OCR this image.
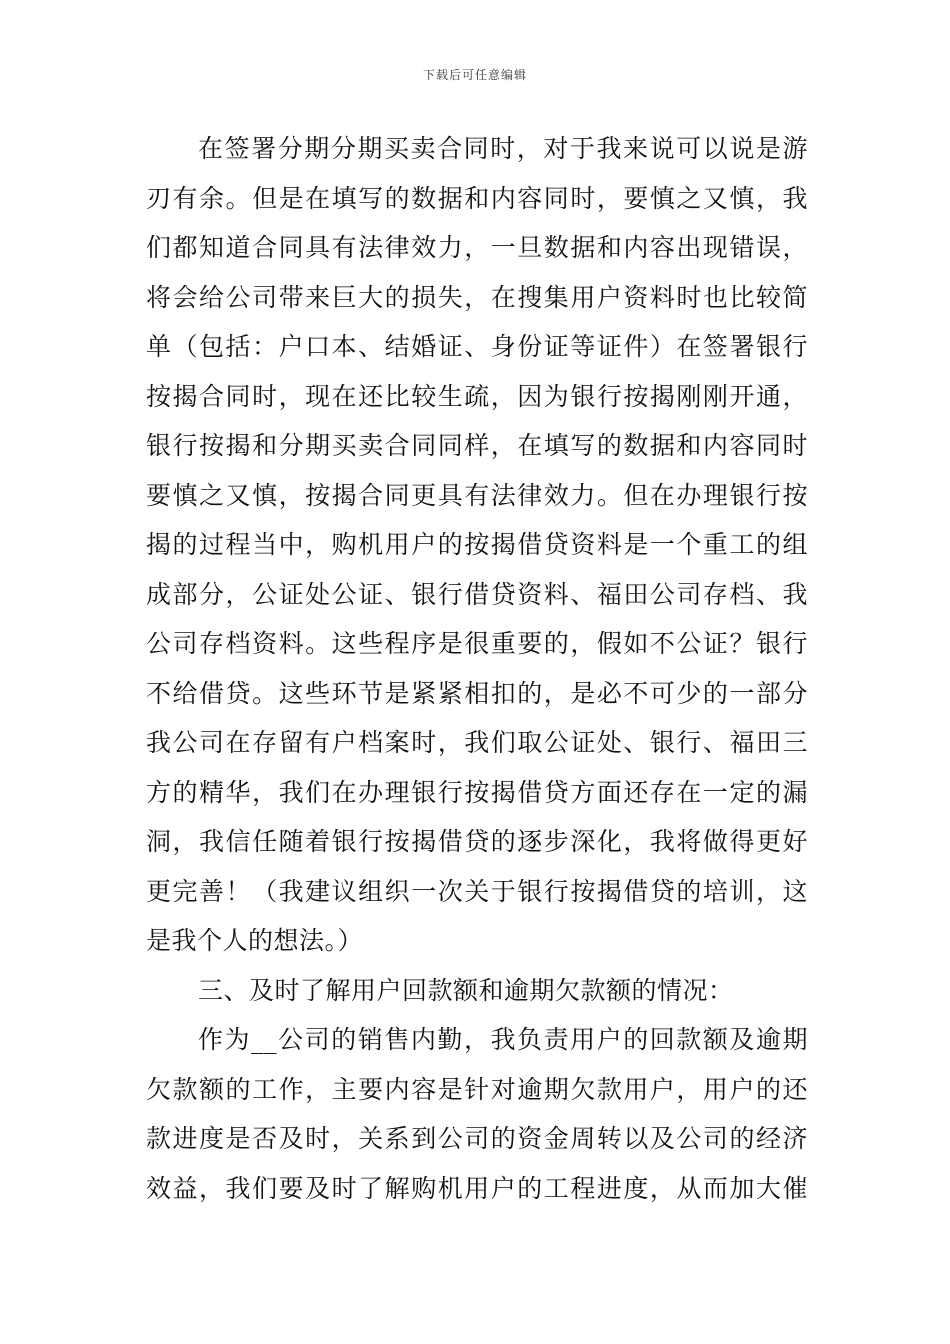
下载后可任意编辑
在签署分期分期买卖合同时，对于我来说可以说是游
刃有余。但是在填写的数据和内容同时，要慎之又慎，我
们都知道合同具有法律效力，一旦数据和内容出现错误，
将会给公司带来巨大的损失，在搜集用户资料时也比较简
单（包括：户口本、结婚证、身份证等证件）在签署银行
按揭合同时，现在还比较生疏，因为银行按揭刚刚开通，
银行按揭和分期买卖合同同样，在填写的数据和内容同时
要慎之又慎，按揭合同更具有法律效力。但在办理银行按
揭的过程当中，购机用户的按揭借贷资料是一个重工的组
成部分，公证处公证、银行借贷资料、福田公司存档、我
公司存档资料。这些程序是很重要的，假如不公证？银行
不给借贷。这些环节是紧紧相扣的，是必不可少的一部分
我公司在存留有户档案时，我们取公证处、银行、福田三
方的精华，我们在办理银行按揭借贷方面还存在一定的漏
洞，我信任随着银行按揭借贷的逐步深化，我将做得更好
更完善！（我建议组织一次关于银行按揭借贷的培训，这
是我个人的想法。）
三、及时了解用户回款额和逾期欠款额的情况：
作为__公司的销售内勤，我负责用户的回款额及逾期
欠款额的工作，主要内容是针对逾期欠款用户，用户的还
款进度是否及时，关系到公司的资金周转以及公司的经济
效益，我们要及时了解购机用户的工程进度，从而加大催
